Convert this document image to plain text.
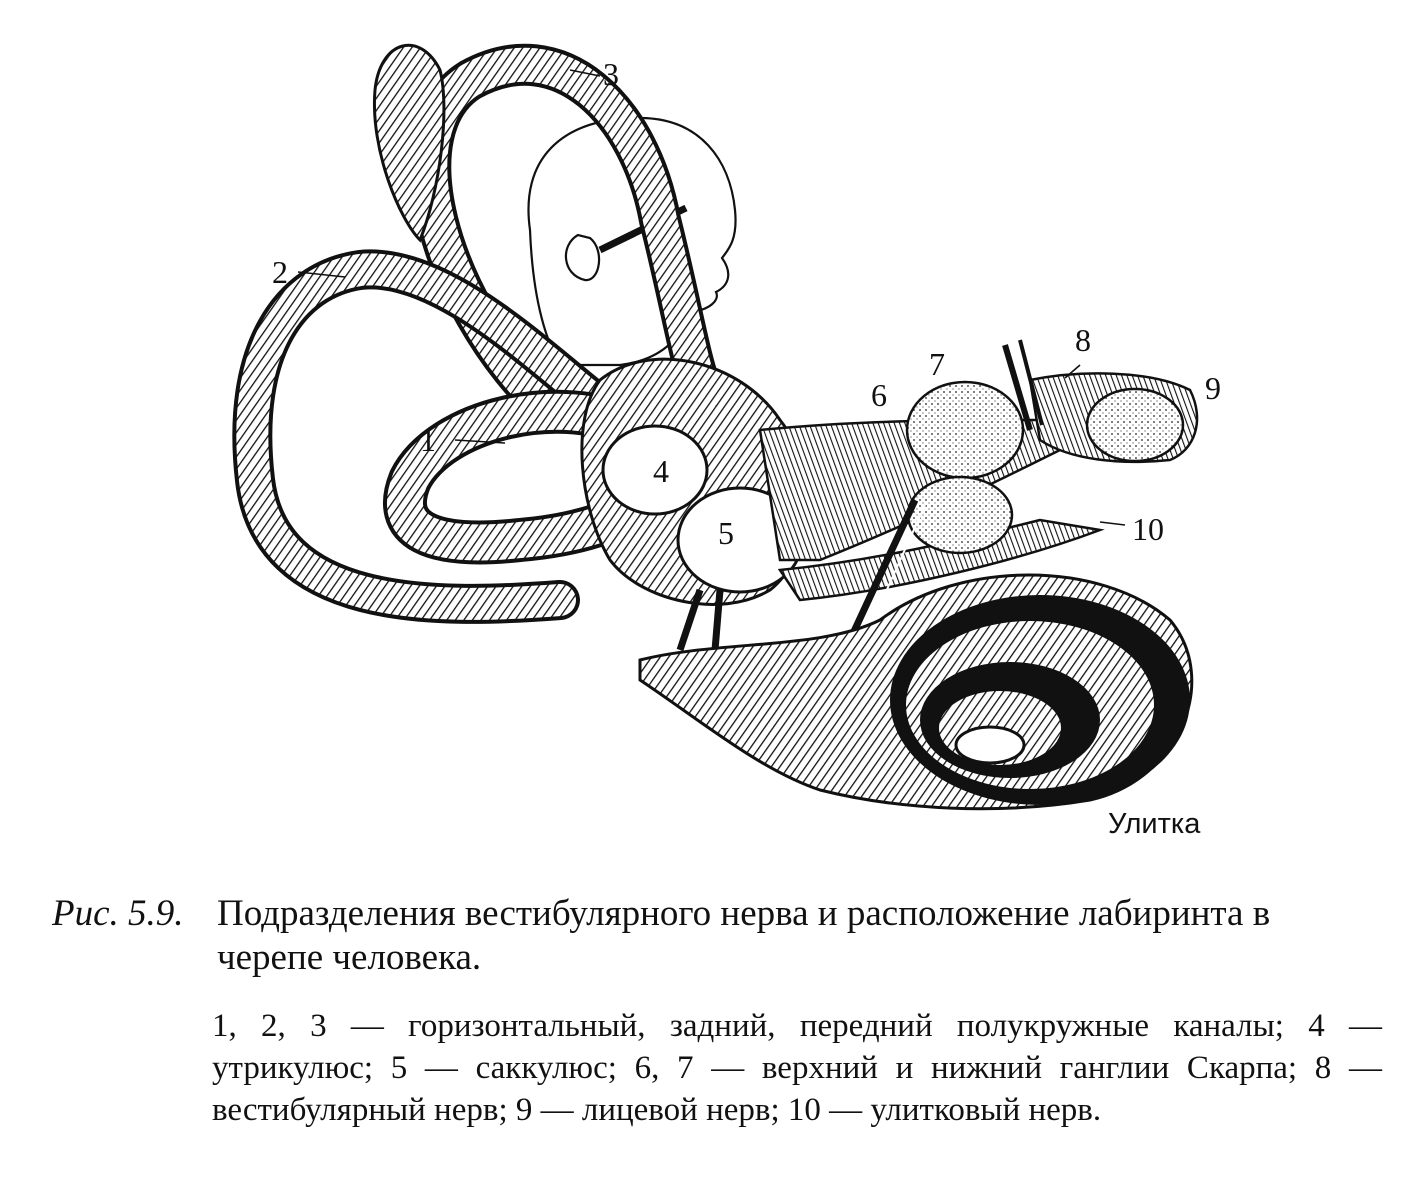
1
2
3
4
5
6
7
8
9
10
Улитка
Рис. 5.9. Подразделения вестибулярного нерва и расположение лабиринта в черепе человека.
1, 2, 3 — горизонтальный, задний, передний полукружные каналы; 4 — утрикулюс; 5 — саккулюс; 6, 7 — верхний и нижний ганглии Скарпа; 8 — вестибулярный нерв; 9 — лицевой нерв; 10 — улитковый нерв.
